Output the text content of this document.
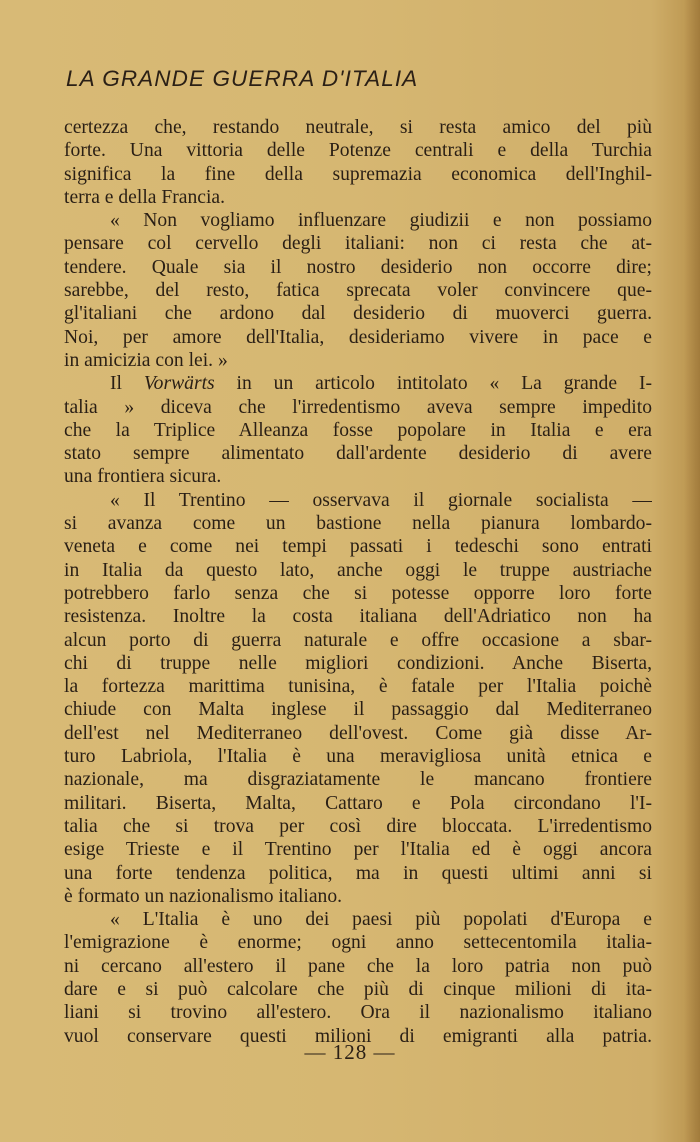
LA GRANDE GUERRA D'ITALIA
certezza che, restando neutrale, si resta amico del più
forte. Una vittoria delle Potenze centrali e della Turchia
significa la fine della supremazia economica dell'Inghil-
terra e della Francia.
« Non vogliamo influenzare giudizii e non possiamo
pensare col cervello degli italiani: non ci resta che at-
tendere. Quale sia il nostro desiderio non occorre dire;
sarebbe, del resto, fatica sprecata voler convincere que-
gl'italiani che ardono dal desiderio di muoverci guerra.
Noi, per amore dell'Italia, desideriamo vivere in pace e
in amicizia con lei. »
Il Vorwärts in un articolo intitolato « La grande I-
talia » diceva che l'irredentismo aveva sempre impedito
che la Triplice Alleanza fosse popolare in Italia e era
stato sempre alimentato dall'ardente desiderio di avere
una frontiera sicura.
« Il Trentino — osservava il giornale socialista —
si avanza come un bastione nella pianura lombardo-
veneta e come nei tempi passati i tedeschi sono entrati
in Italia da questo lato, anche oggi le truppe austriache
potrebbero farlo senza che si potesse opporre loro forte
resistenza. Inoltre la costa italiana dell'Adriatico non ha
alcun porto di guerra naturale e offre occasione a sbar-
chi di truppe nelle migliori condizioni. Anche Biserta,
la fortezza marittima tunisina, è fatale per l'Italia poichè
chiude con Malta inglese il passaggio dal Mediterraneo
dell'est nel Mediterraneo dell'ovest. Come già disse Ar-
turo Labriola, l'Italia è una meravigliosa unità etnica e
nazionale, ma disgraziatamente le mancano frontiere
militari. Biserta, Malta, Cattaro e Pola circondano l'I-
talia che si trova per così dire bloccata. L'irredentismo
esige Trieste e il Trentino per l'Italia ed è oggi ancora
una forte tendenza politica, ma in questi ultimi anni si
è formato un nazionalismo italiano.
« L'Italia è uno dei paesi più popolati d'Europa e
l'emigrazione è enorme; ogni anno settecentomila italia-
ni cercano all'estero il pane che la loro patria non può
dare e si può calcolare che più di cinque milioni di ita-
liani si trovino all'estero. Ora il nazionalismo italiano
vuol conservare questi milioni di emigranti alla patria.
— 128 —
